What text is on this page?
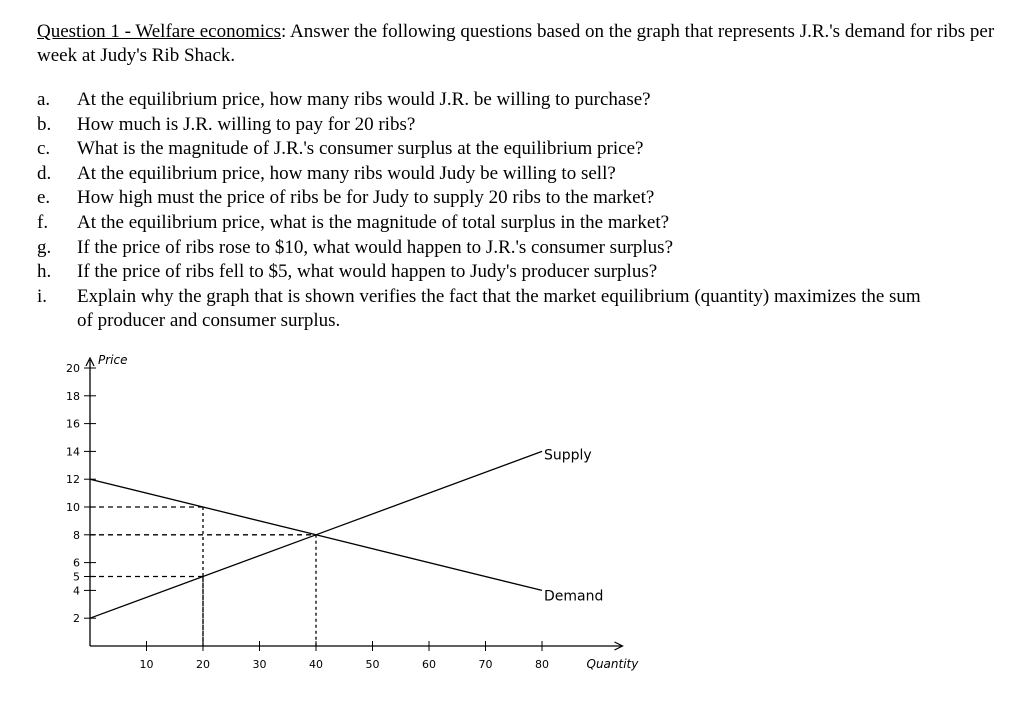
Question 1 - Welfare economics: Answer the following questions based on the graph that represents J.R.'s demand for ribs per week at Judy's Rib Shack.
a.	At the equilibrium price, how many ribs would J.R. be willing to purchase?
b.	How much is J.R. willing to pay for 20 ribs?
c.	What is the magnitude of J.R.'s consumer surplus at the equilibrium price?
d.	At the equilibrium price, how many ribs would Judy be willing to sell?
e.	How high must the price of ribs be for Judy to supply 20 ribs to the market?
f.	At the equilibrium price, what is the magnitude of total surplus in the market?
g.	If the price of ribs rose to $10, what would happen to J.R.'s consumer surplus?
h.	If the price of ribs fell to $5, what would happen to Judy's producer surplus?
i.	Explain why the graph that is shown verifies the fact that the market equilibrium (quantity) maximizes the sum of producer and consumer surplus.
2
4
5
6
8
10
12
14
16
18
20
10	20	30	40	50	60	70	80
Price
Quantity
Supply
Demand
